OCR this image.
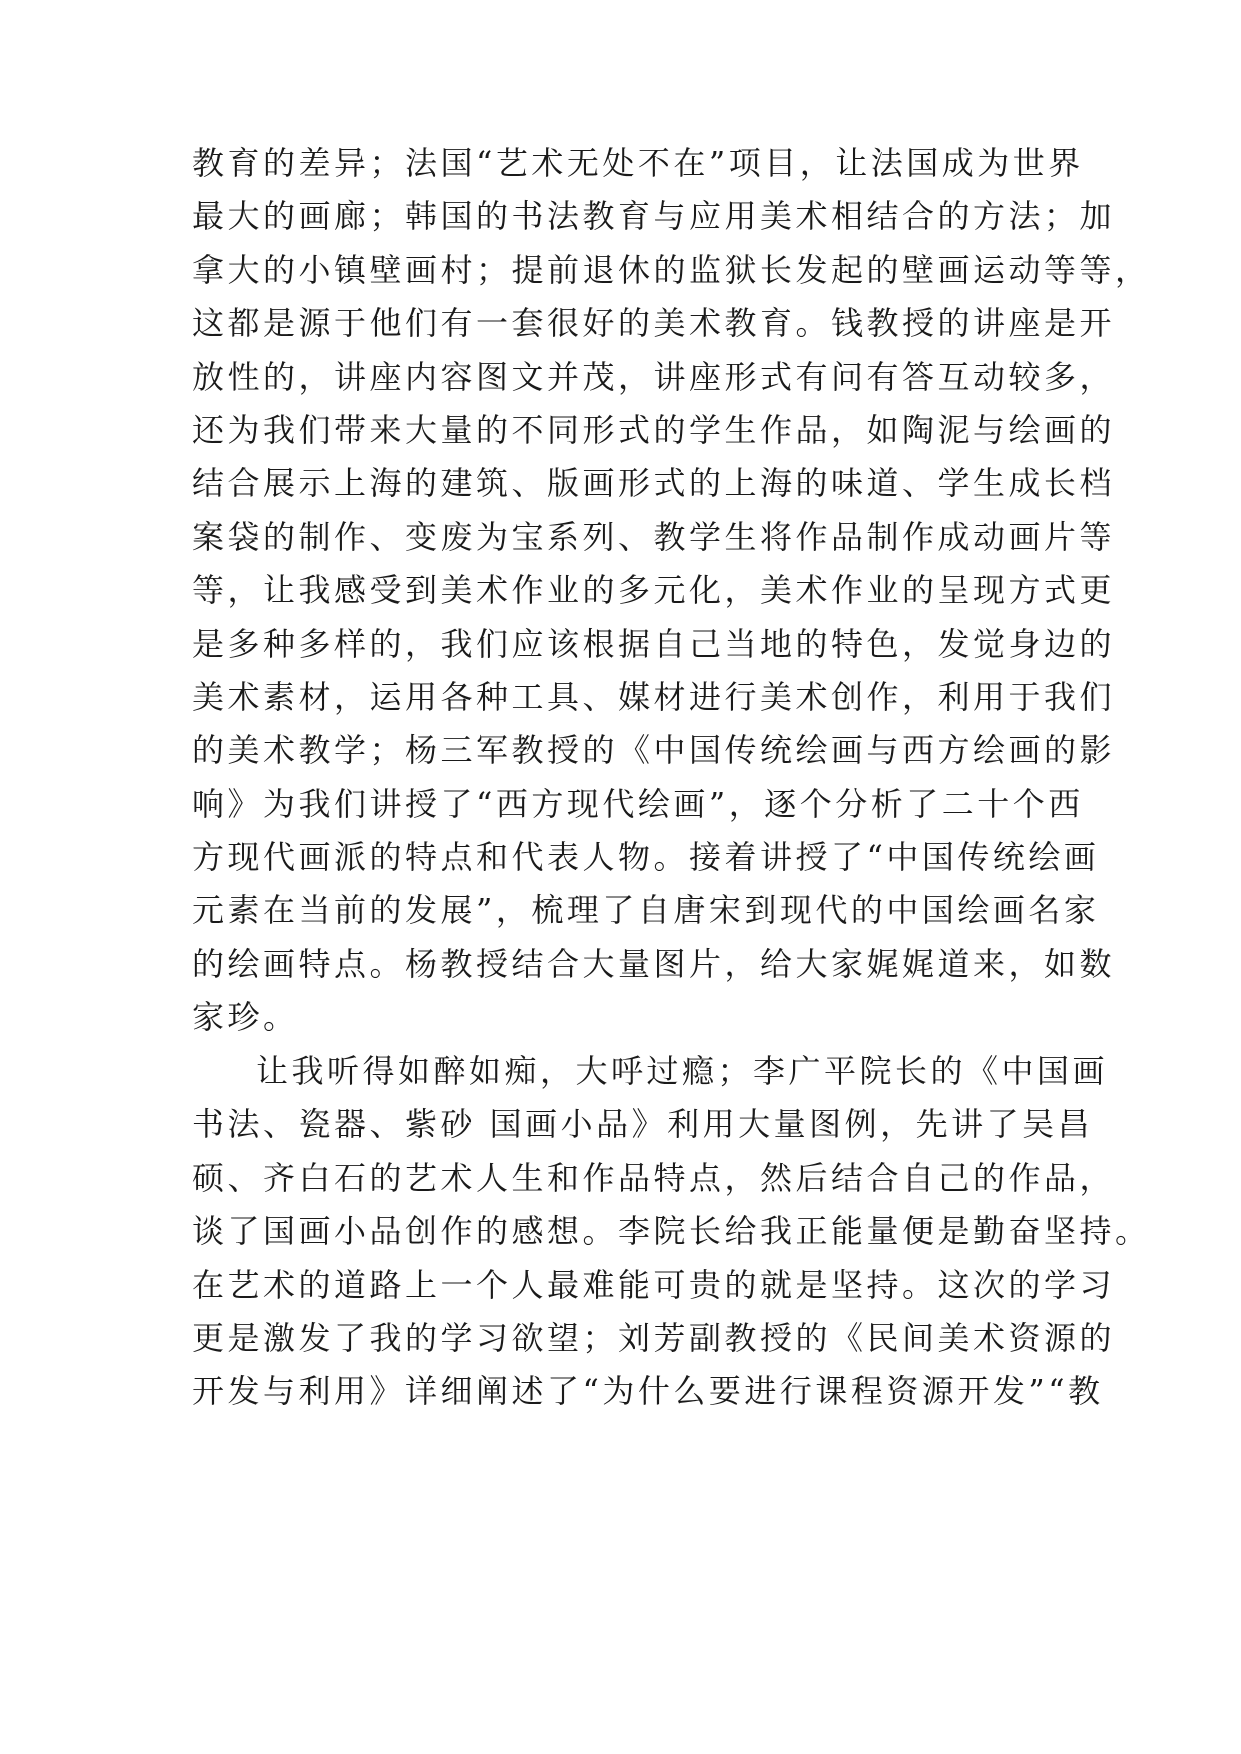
教育的差异；法国“艺术无处不在”项目，让法国成为世界
最大的画廊；韩国的书法教育与应用美术相结合的方法；加
拿大的小镇壁画村；提前退休的监狱长发起的壁画运动等等，
这都是源于他们有一套很好的美术教育。钱教授的讲座是开
放性的，讲座内容图文并茂，讲座形式有问有答互动较多，
还为我们带来大量的不同形式的学生作品，如陶泥与绘画的
结合展示上海的建筑、版画形式的上海的味道、学生成长档
案袋的制作、变废为宝系列、教学生将作品制作成动画片等
等，让我感受到美术作业的多元化，美术作业的呈现方式更
是多种多样的，我们应该根据自己当地的特色，发觉身边的
美术素材，运用各种工具、媒材进行美术创作，利用于我们
的美术教学；杨三军教授的《中国传统绘画与西方绘画的影
响》为我们讲授了“西方现代绘画”，逐个分析了二十个西
方现代画派的特点和代表人物。接着讲授了“中国传统绘画
元素在当前的发展”，梳理了自唐宋到现代的中国绘画名家
的绘画特点。杨教授结合大量图片，给大家娓娓道来，如数
家珍。
让我听得如醉如痴，大呼过瘾；李广平院长的《中国画
书法、瓷器、紫砂 国画小品》利用大量图例，先讲了吴昌
硕、齐白石的艺术人生和作品特点，然后结合自己的作品，
谈了国画小品创作的感想。李院长给我正能量便是勤奋坚持。
在艺术的道路上一个人最难能可贵的就是坚持。这次的学习
更是激发了我的学习欲望；刘芳副教授的《民间美术资源的
开发与利用》详细阐述了“为什么要进行课程资源开发”“教
